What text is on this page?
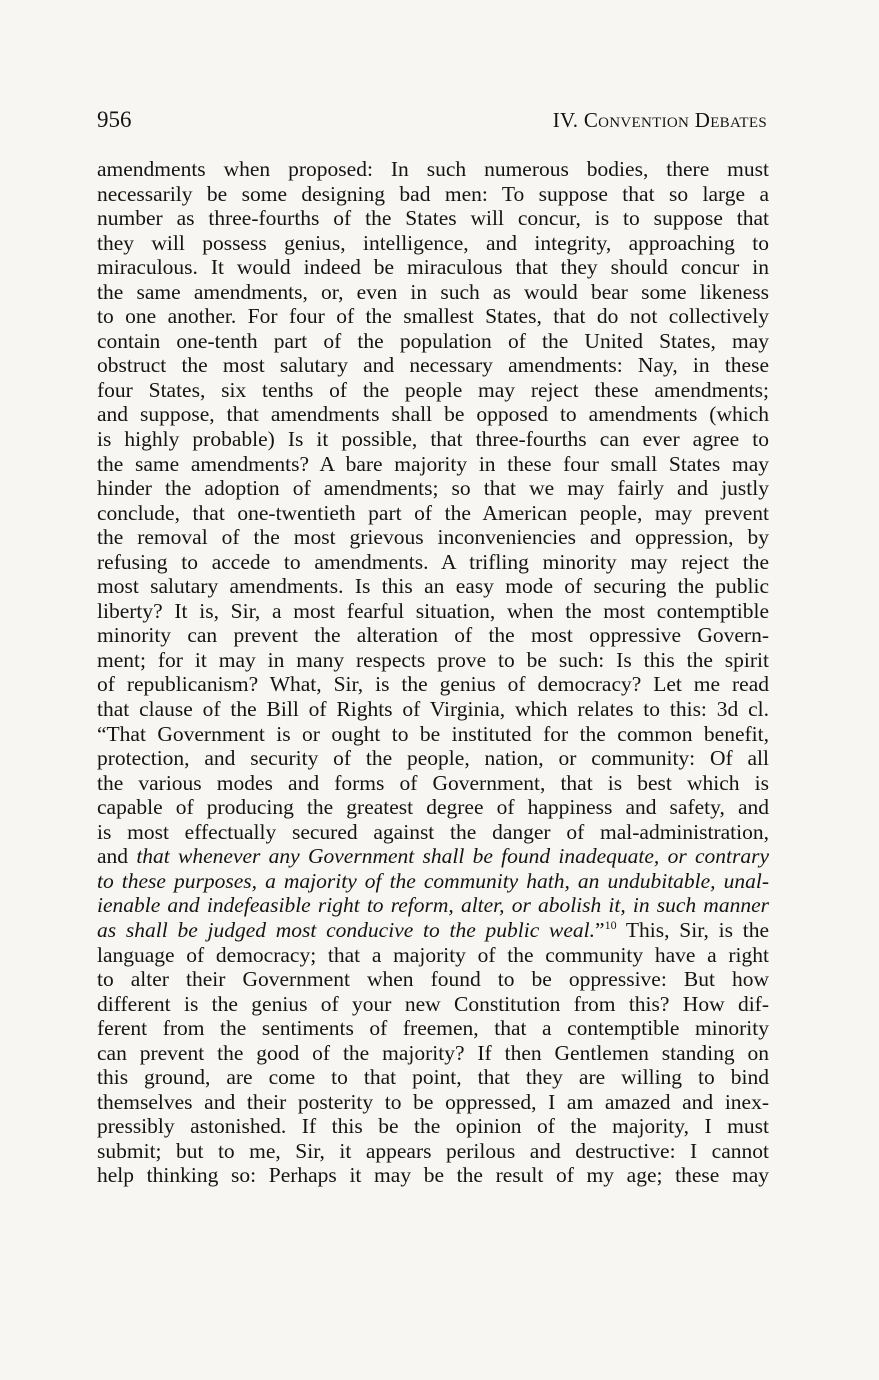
956	IV. Convention Debates
amendments when proposed: In such numerous bodies, there must
necessarily be some designing bad men: To suppose that so large a
number as three-fourths of the States will concur, is to suppose that
they will possess genius, intelligence, and integrity, approaching to
miraculous. It would indeed be miraculous that they should concur in
the same amendments, or, even in such as would bear some likeness
to one another. For four of the smallest States, that do not collectively
contain one-tenth part of the population of the United States, may
obstruct the most salutary and necessary amendments: Nay, in these
four States, six tenths of the people may reject these amendments;
and suppose, that amendments shall be opposed to amendments (which
is highly probable) Is it possible, that three-fourths can ever agree to
the same amendments? A bare majority in these four small States may
hinder the adoption of amendments; so that we may fairly and justly
conclude, that one-twentieth part of the American people, may prevent
the removal of the most grievous inconveniencies and oppression, by
refusing to accede to amendments. A trifling minority may reject the
most salutary amendments. Is this an easy mode of securing the public
liberty? It is, Sir, a most fearful situation, when the most contemptible
minority can prevent the alteration of the most oppressive Govern-
ment; for it may in many respects prove to be such: Is this the spirit
of republicanism? What, Sir, is the genius of democracy? Let me read
that clause of the Bill of Rights of Virginia, which relates to this: 3d cl.
“That Government is or ought to be instituted for the common benefit,
protection, and security of the people, nation, or community: Of all
the various modes and forms of Government, that is best which is
capable of producing the greatest degree of happiness and safety, and
is most effectually secured against the danger of mal-administration,
and that whenever any Government shall be found inadequate, or contrary
to these purposes, a majority of the community hath, an undubitable, unal-
ienable and indefeasible right to reform, alter, or abolish it, in such manner
as shall be judged most conducive to the public weal.”$^{10}$ This, Sir, is the
language of democracy; that a majority of the community have a right
to alter their Government when found to be oppressive: But how
different is the genius of your new Constitution from this? How dif-
ferent from the sentiments of freemen, that a contemptible minority
can prevent the good of the majority? If then Gentlemen standing on
this ground, are come to that point, that they are willing to bind
themselves and their posterity to be oppressed, I am amazed and inex-
pressibly astonished. If this be the opinion of the majority, I must
submit; but to me, Sir, it appears perilous and destructive: I cannot
help thinking so: Perhaps it may be the result of my age; these may
